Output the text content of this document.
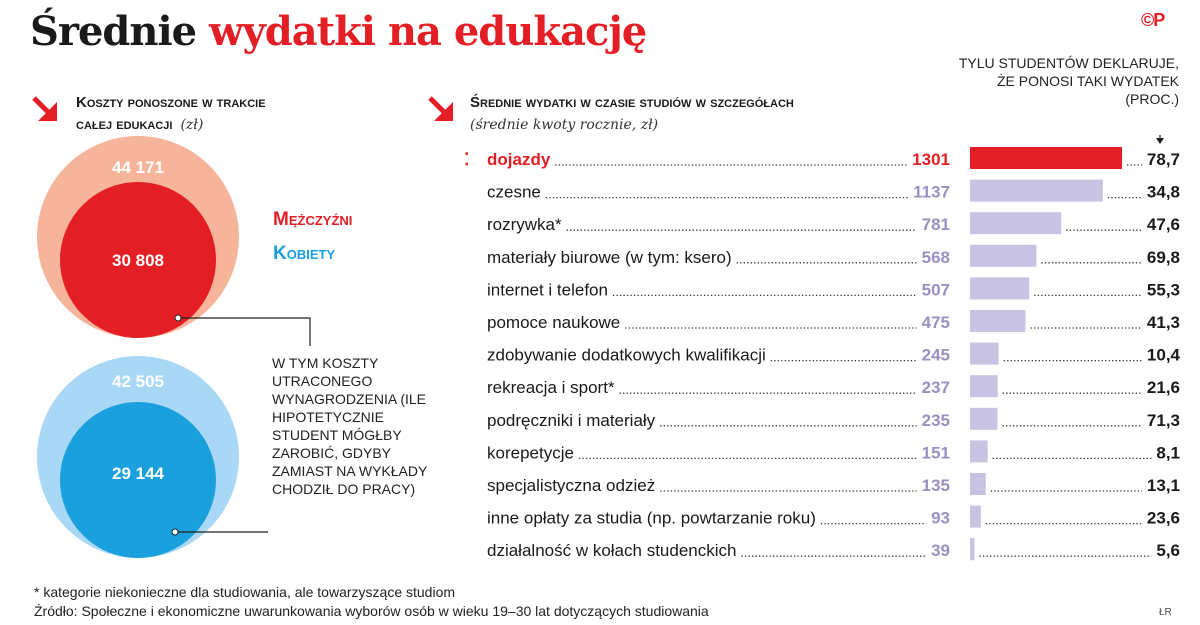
Średnie wydatki na edukację	©P
Koszty ponoszone w trakcie
całej edukacji (zł)
44 171
30 808
42 505
29 144
Mężczyźni
Kobiety
W TYM KOSZTY UTRACONEGO WYNAGRODZENIA (ILE HIPOTETYCZNIE STUDENT MÓGŁBY ZAROBIĆ, GDYBY ZAMIAST NA WYKŁADY CHODZIŁ DO PRACY)
Średnie wydatki w czasie studiów w szczegółach
(średnie kwoty rocznie, zł)
TYLU STUDENTÓW DEKLARUJE, ŻE PONOSI TAKI WYDATEK (PROC.)
dojazdy	1301	78,7
⁚
czesne	1137	34,8
rozrywka*	781	47,6
materiały biurowe (w tym: ksero)	568	69,8
internet i telefon	507	55,3
pomoce naukowe	475	41,3
zdobywanie dodatkowych kwalifikacji	245	10,4
rekreacja i sport*	237	21,6
podręczniki i materiały	235	71,3
korepetycje	151	8,1
specjalistyczna odzież	135	13,1
inne opłaty za studia (np. powtarzanie roku)	93	23,6
działalność w kołach studenckich	39	5,6
* kategorie niekonieczne dla studiowania, ale towarzyszące studiom
Źródło: Społeczne i ekonomiczne uwarunkowania wyborów osób w wieku 19–30 lat dotyczących studiowania	ŁR
